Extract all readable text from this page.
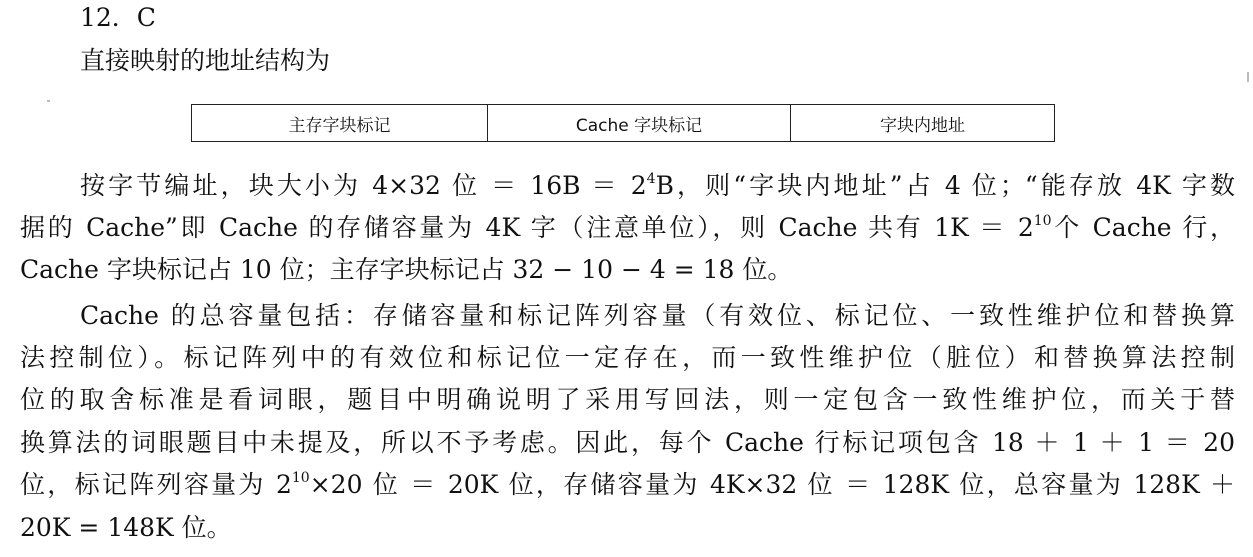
12．C
直接映射的地址结构为
主存字块标记	Cache 字块标记	字块内地址
按字节编址，块大小为 4×32 位 ＝ $16B = 2^4B$，则“字块内地址”占 4 位；“能存放 4K 字数
据的 Cache”即 Cache 的存储容量为 4K 字（注意单位），则 Cache 共有 $1K = 2^{10}$个 Cache 行，
Cache 字块标记占 10 位；主存字块标记占 32 − 10 − 4 = 18 位。
Cache 的总容量包括：存储容量和标记阵列容量（有效位、标记位、一致性维护位和替换算
法控制位）。标记阵列中的有效位和标记位一定存在，而一致性维护位（脏位）和替换算法控制
位的取舍标准是看词眼，题目中明确说明了采用写回法，则一定包含一致性维护位，而关于替
换算法的词眼题目中未提及，所以不予考虑。因此，每个 Cache 行标记项包含 18 ＋ 1 ＋ 1 ＝ 20
位，标记阵列容量为 $2^{10}\times 20$ 位 ＝ 20K 位，存储容量为 4K×32 位 ＝ 128K 位，总容量为 128K ＋
20K = 148K 位。
